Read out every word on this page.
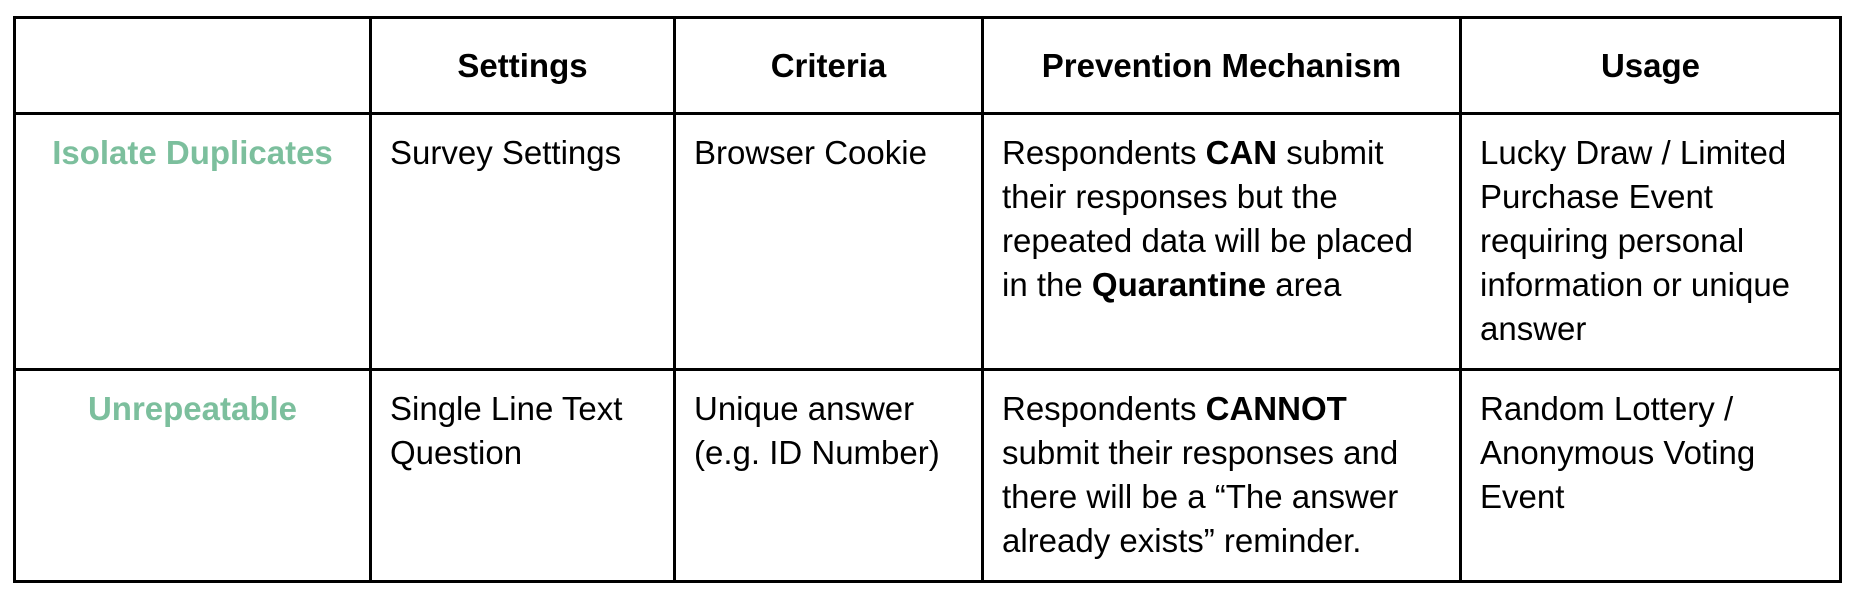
	Settings	Criteria	Prevention Mechanism	Usage
Isolate Duplicates	Survey Settings	Browser Cookie	Respondents CAN submit their responses but the repeated data will be placed in the Quarantine area	Lucky Draw / Limited Purchase Event requiring personal information or unique answer
Unrepeatable	Single Line Text Question	Unique answer (e.g. ID Number)	Respondents CANNOT submit their responses and there will be a “The answer already exists” reminder.	Random Lottery / Anonymous Voting Event
